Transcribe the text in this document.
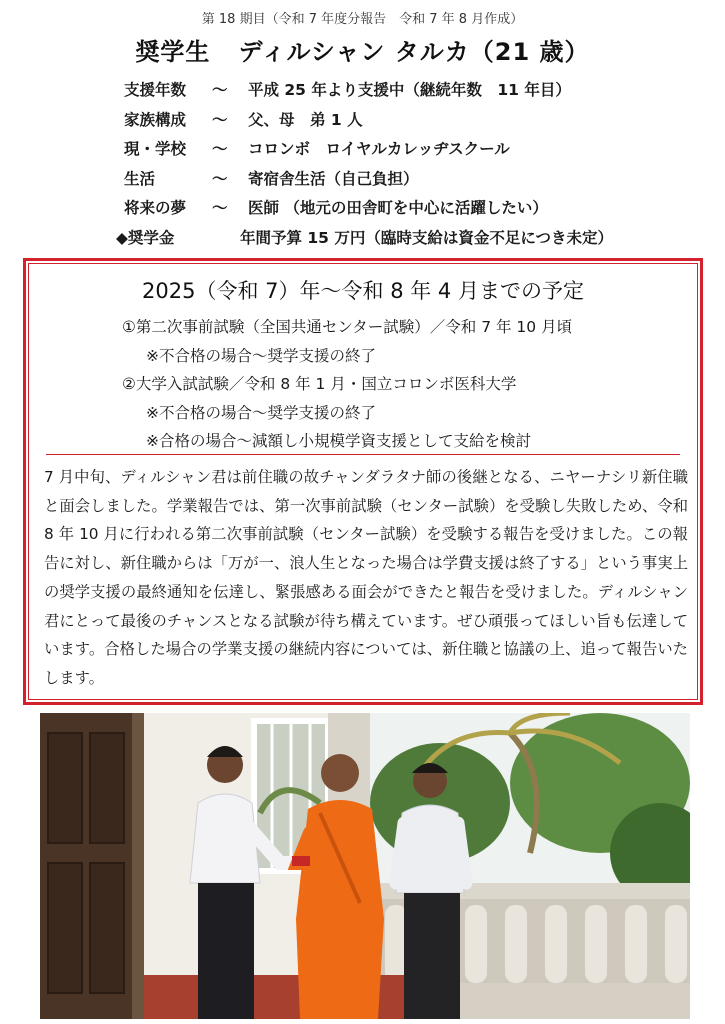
第 18 期目（令和 7 年度分報告　令和 7 年 8 月作成）
奨学生 ディルシャン タルカ（21 歳）
支援年数	〜	平成 25 年より支援中（継続年数　11 年目）
家族構成	〜	父、母　弟 1 人
現・学校	〜	コロンボ　ロイヤルカレッヂスクール
生活	〜	寄宿舎生活（自己負担）
将来の夢	〜	医師 （地元の田舎町を中心に活躍したい）
◆奨学金	年間予算 15 万円（臨時支給は資金不足につき未定）
2025（令和 7）年〜令和 8 年 4 月までの予定
①第二次事前試験（全国共通センター試験）／令和 7 年 10 月頃
※不合格の場合〜奨学支援の終了
②大学入試試験／令和 8 年 1 月・国立コロンボ医科大学
※不合格の場合〜奨学支援の終了
※合格の場合〜減額し小規模学資支援として支給を検討
7 月中旬、ディルシャン君は前住職の故チャンダラタナ師の後継となる、ニヤーナシリ新住職と面会しました。学業報告では、第一次事前試験（センター試験）を受験し失敗しため、令和 8 年 10 月に行われる第二次事前試験（センター試験）を受験する報告を受けました。この報告に対し、新住職からは「万が一、浪人生となった場合は学費支援は終了する」という事実上の奨学支援の最終通知を伝達し、緊張感ある面会ができたと報告を受けました。ディルシャン君にとって最後のチャンスとなる試験が待ち構えています。ぜひ頑張ってほしい旨も伝達しています。合格した場合の学業支援の継続内容については、新住職と協議の上、追って報告いたします。
